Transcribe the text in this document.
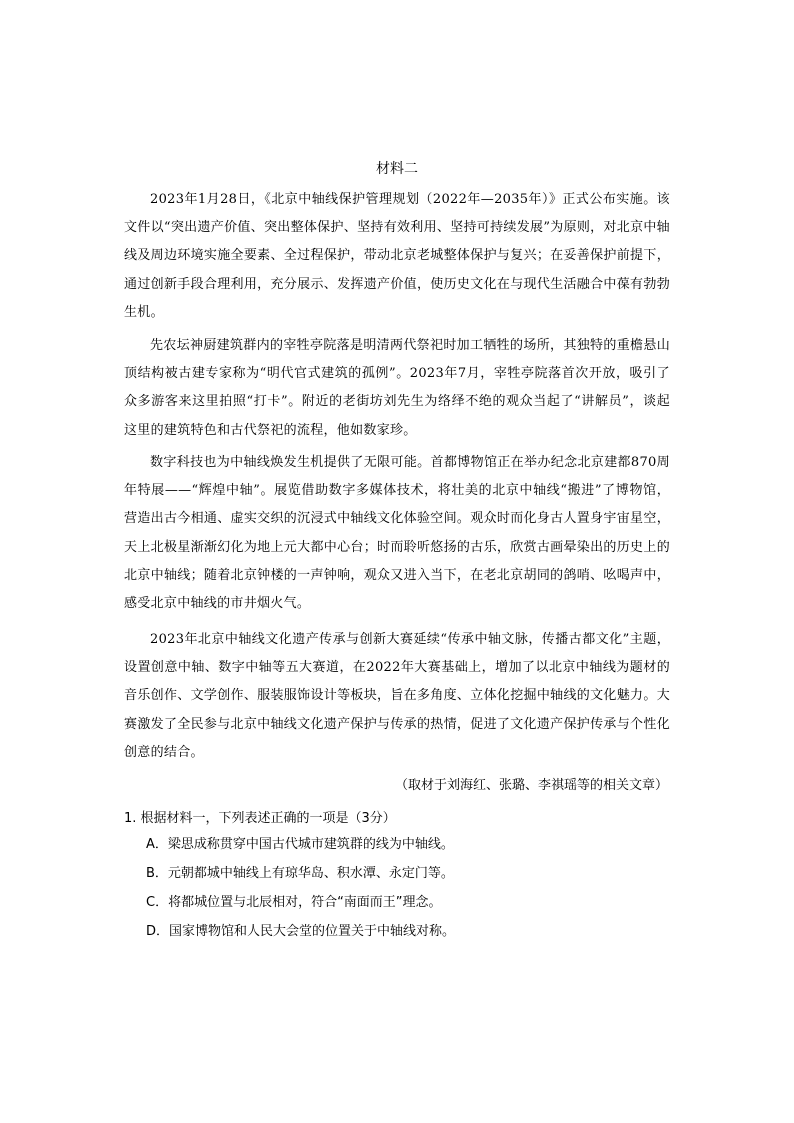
材料二

2023年1月28日，《北京中轴线保护管理规划（2022年—2035年）》正式公布实施。该文件以“突出遗产价值、突出整体保护、坚持有效利用、坚持可持续发展”为原则，对北京中轴线及周边环境实施全要素、全过程保护，带动北京老城整体保护与复兴；在妥善保护前提下，通过创新手段合理利用，充分展示、发挥遗产价值，使历史文化在与现代生活融合中葆有勃勃生机。

先农坛神厨建筑群内的宰牲亭院落是明清两代祭祀时加工牺牲的场所，其独特的重檐悬山顶结构被古建专家称为“明代官式建筑的孤例”。2023年7月，宰牲亭院落首次开放，吸引了众多游客来这里拍照“打卡”。附近的老街坊刘先生为络绎不绝的观众当起了“讲解员”，谈起这里的建筑特色和古代祭祀的流程，他如数家珍。

数字科技也为中轴线焕发生机提供了无限可能。首都博物馆正在举办纪念北京建都870周年特展——“辉煌中轴”。展览借助数字多媒体技术，将壮美的北京中轴线“搬进”了博物馆，营造出古今相通、虚实交织的沉浸式中轴线文化体验空间。观众时而化身古人置身宇宙星空，天上北极星渐渐幻化为地上元大都中心台；时而聆听悠扬的古乐，欣赏古画晕染出的历史上的北京中轴线；随着北京钟楼的一声钟响，观众又进入当下，在老北京胡同的鸽哨、吆喝声中，感受北京中轴线的市井烟火气。

2023年北京中轴线文化遗产传承与创新大赛延续“传承中轴文脉，传播古都文化”主题，设置创意中轴、数字中轴等五大赛道，在2022年大赛基础上，增加了以北京中轴线为题材的音乐创作、文学创作、服装服饰设计等板块，旨在多角度、立体化挖掘中轴线的文化魅力。大赛激发了全民参与北京中轴线文化遗产保护与传承的热情，促进了文化遗产保护传承与个性化创意的结合。

（取材于刘海红、张璐、李祺瑶等的相关文章）

1. 根据材料一，下列表述正确的一项是（3分）

A．梁思成称贯穿中国古代城市建筑群的线为中轴线。

B．元朝都城中轴线上有琼华岛、积水潭、永定门等。

C．将都城位置与北辰相对，符合“南面而王”理念。

D．国家博物馆和人民大会堂的位置关于中轴线对称。
